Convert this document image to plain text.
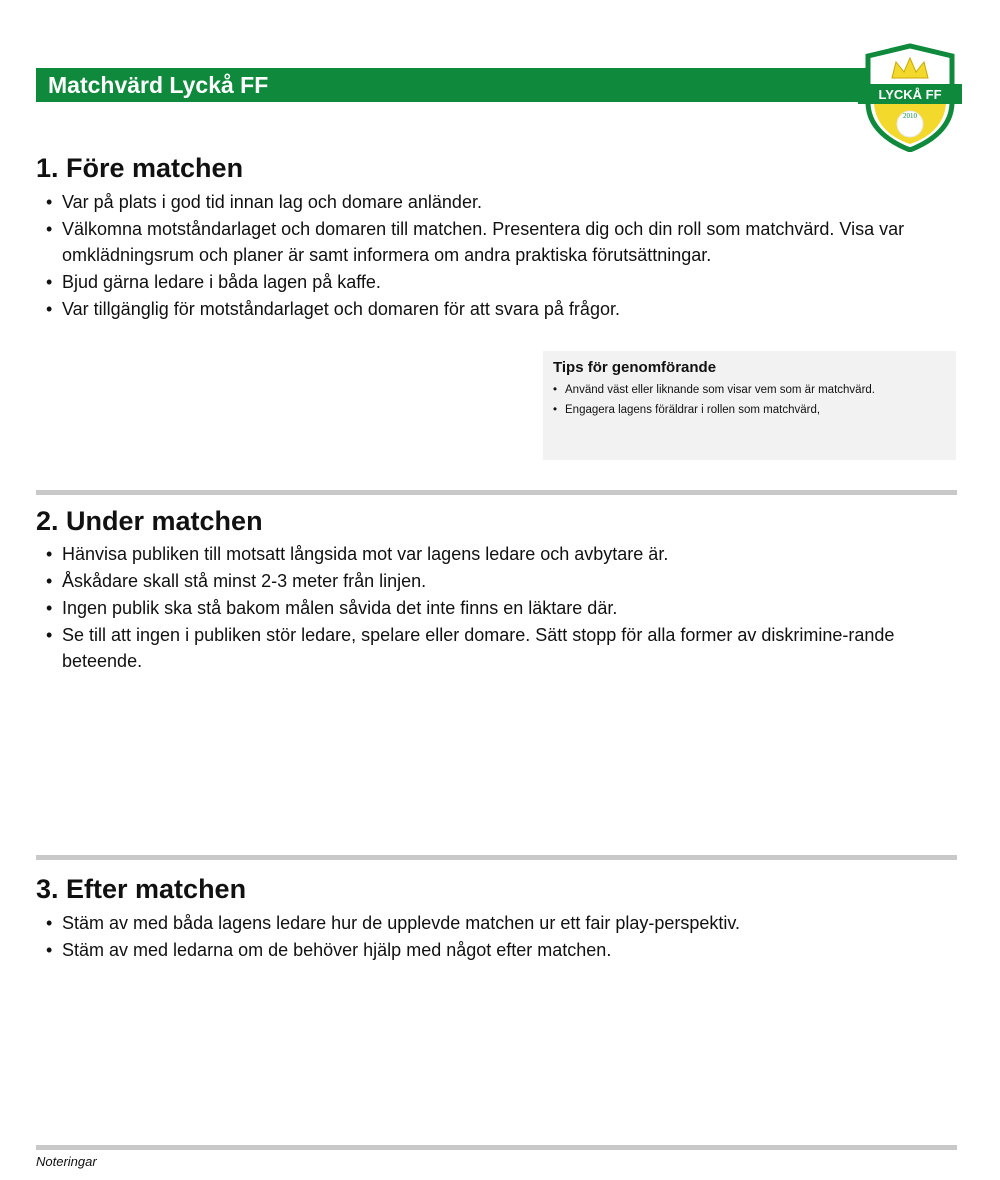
Matchvärd Lyckå FF	LYCKÅ FF
2010
1. Före matchen
• Var på plats i god tid innan lag och domare anländer.
• Välkomna motståndarlaget och domaren till matchen. Presentera dig och din roll som matchvärd. Visa var omklädningsrum och planer är samt informera om andra praktiska förutsättningar.
• Bjud gärna ledare i båda lagen på kaffe.
• Var tillgänglig för motståndarlaget och domaren för att svara på frågor.
Tips för genomförande
• Använd väst eller liknande som visar vem som är matchvärd.
• Engagera lagens föräldrar i rollen som matchvärd,
2. Under matchen
• Hänvisa publiken till motsatt långsida mot var lagens ledare och avbytare är.
• Åskådare skall stå minst 2-3 meter från linjen.
• Ingen publik ska stå bakom målen såvida det inte finns en läktare där.
• Se till att ingen i publiken stör ledare, spelare eller domare. Sätt stopp för alla former av diskrimine-rande beteende.
3. Efter matchen
• Stäm av med båda lagens ledare hur de upplevde matchen ur ett fair play-perspektiv.
• Stäm av med ledarna om de behöver hjälp med något efter matchen.
Noteringar
